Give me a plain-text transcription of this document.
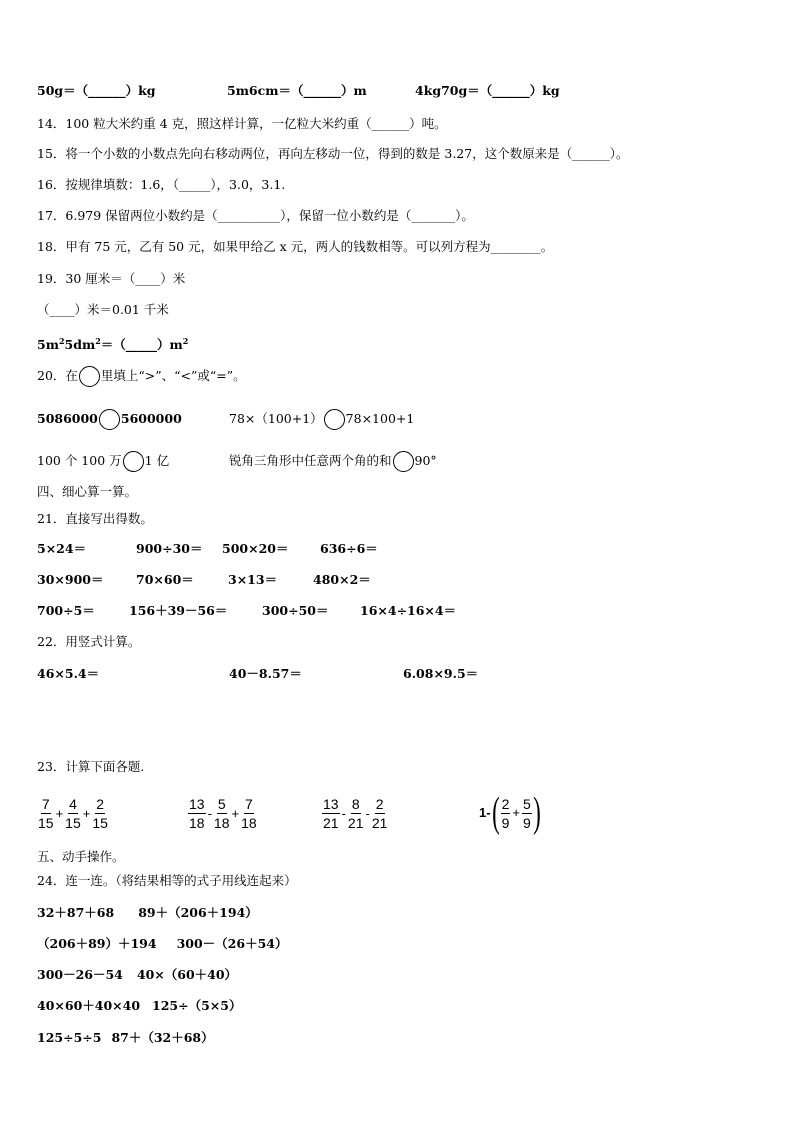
50g＝（______）kg	5m6cm＝（______）m	4kg70g＝（______）kg
14．100 粒大米约重 4 克，照这样计算，一亿粒大米约重（______）吨。
15．将一个小数的小数点先向右移动两位，再向左移动一位，得到的数是 3.27，这个数原来是（______）。
16．按规律填数：1.6，（_____），3.0，3.1.
17．6.979 保留两位小数约是（__________），保留一位小数约是（_______）。
18．甲有 75 元，乙有 50 元，如果甲给乙 x 元，两人的钱数相等。可以列方程为________。
19．30 厘米＝（____）米
（____）米＝0.01 千米
$5m^25dm^2=(\_\_\_\_\_)m^2$
20．在 里填上“>”、“<”或“=”。
5086000 5600000	78×（100+1） 78×100+1
100 个 100 万 1 亿	锐角三角形中任意两个角的和 90°
四、细心算一算。
21．直接写出得数。
5×24＝	900÷30＝ 500×20＝	636÷6＝
30×900＝	70×60＝	3×13＝	480×2＝
700÷5＝	156＋39－56＝	300÷50＝	16×4÷16×4＝
22．用竖式计算。
46×5.4＝	40－8.57＝	6.08×9.5＝
23．计算下面各题.
$\frac{7}{15} + \frac{4}{15} + \frac{2}{15}$	$\frac{13}{18} - \frac{5}{18} + \frac{7}{18}$	$\frac{13}{21} - \frac{8}{21} - \frac{2}{21}$	$1-( \frac{2}{9} + \frac{5}{9}$ )
五、动手操作。
24．连一连。（将结果相等的式子用线连起来）
32＋87＋68 89＋（206＋194）
（206＋89）＋194 300－（26＋54）
300－26－54 40×（60＋40）
40×60＋40×40 125÷（5×5）
125÷5÷5 87＋（32＋68）
